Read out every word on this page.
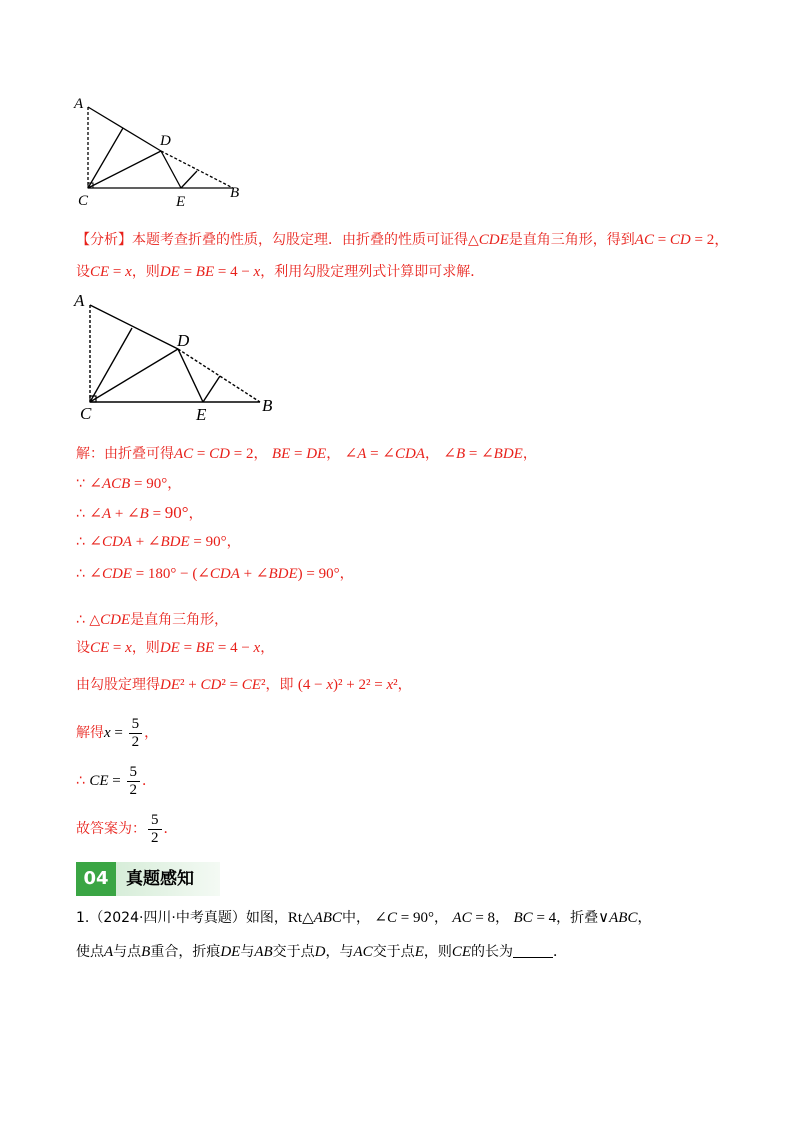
A
D
C	E
B
【分析】本题考查折叠的性质，勾股定理．由折叠的性质可证得△CDE是直角三角形，得到AC = CD = 2，
设CE = x，则DE = BE = 4 − x，利用勾股定理列式计算即可求解．
A
D
C	E	B
解：由折叠可得AC = CD = 2， BE = DE， ∠A = ∠CDA， ∠B = ∠BDE，
∵ ∠ACB = 90°，
∴ ∠A + ∠B = 90°，
∴ ∠CDA + ∠BDE = 90°，
∴ ∠CDE = 180° − (∠CDA + ∠BDE) = 90°，
∴ △CDE是直角三角形，
设CE = x，则DE = BE = 4 − x，
由勾股定理得DE² + CD² = CE²，即 (4 − x)² + 2² = x²，
解得$x = \frac{5}{2}$ ，
∴ CE = $\frac{5}{2}$ ．
故答案为： $\frac{5}{2}$ ．
04	真题感知
1.（2024·四川·中考真题）如图，Rt△ABC中， ∠C = 90°， AC = 8， BC = 4，折叠∨ABC，
使点A与点B重合，折痕DE与AB交于点D，与AC交于点E，则CE的长为	．
